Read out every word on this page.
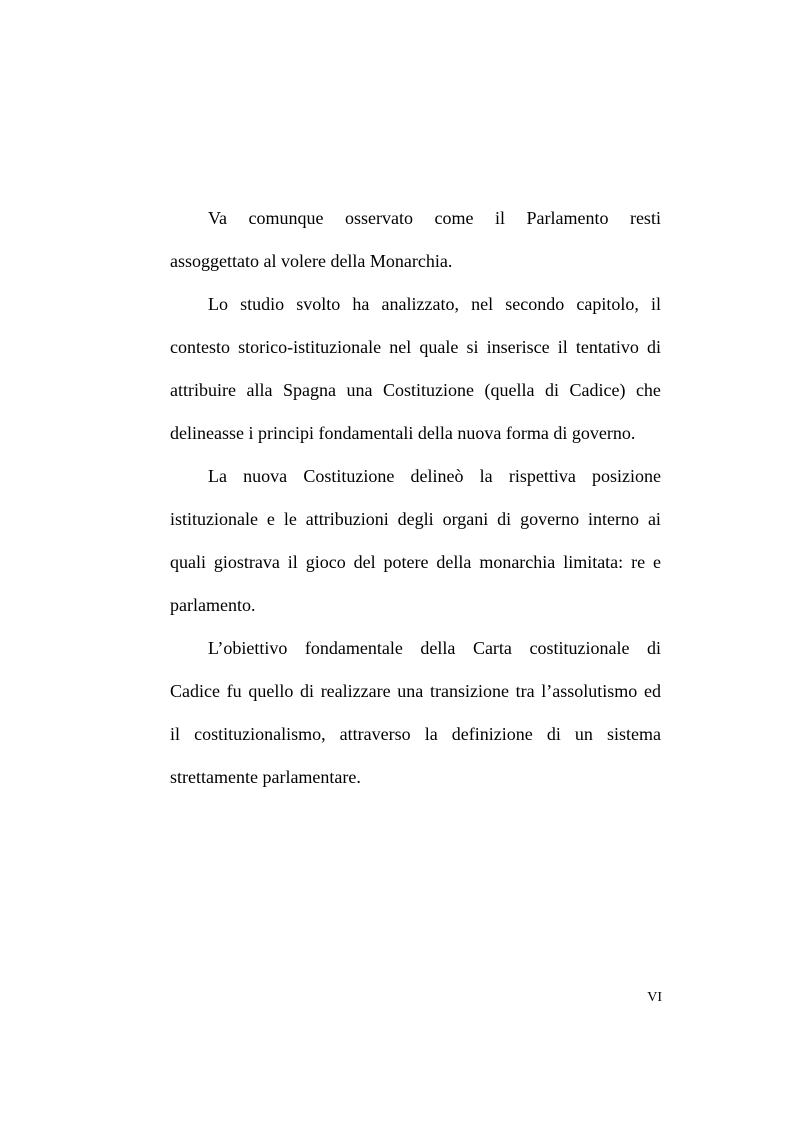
Va comunque osservato come il Parlamento resti
assoggettato al volere della Monarchia.
Lo studio svolto ha analizzato, nel secondo capitolo, il
contesto storico-istituzionale nel quale si inserisce il tentativo di
attribuire alla Spagna una Costituzione (quella di Cadice) che
delineasse i principi fondamentali della nuova forma di governo.
La nuova Costituzione delineò la rispettiva posizione
istituzionale e le attribuzioni degli organi di governo interno ai
quali giostrava il gioco del potere della monarchia limitata: re e
parlamento.
L’obiettivo fondamentale della Carta costituzionale di
Cadice fu quello di realizzare una transizione tra l’assolutismo ed
il costituzionalismo, attraverso la definizione di un sistema
strettamente parlamentare.
VI
